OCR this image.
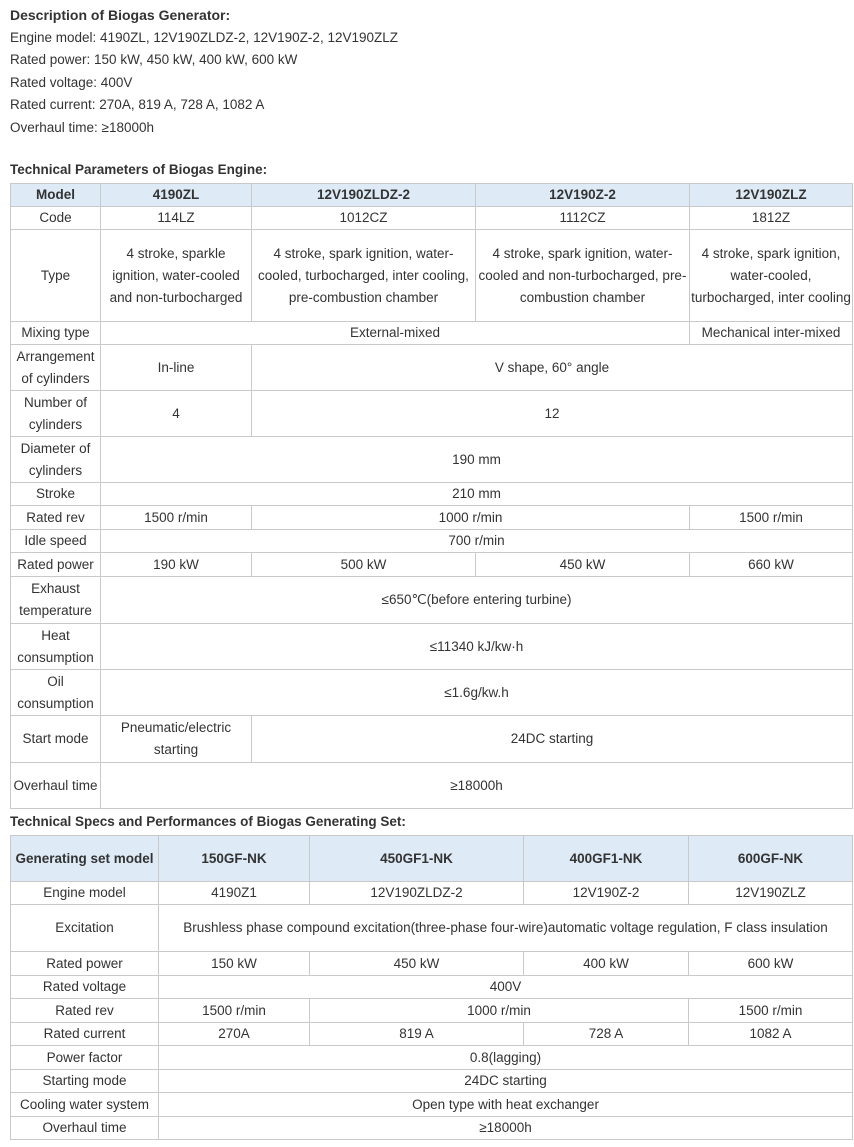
Description of Biogas Generator:
Engine model: 4190ZL, 12V190ZLDZ-2, 12V190Z-2, 12V190ZLZ
Rated power: 150 kW, 450 kW, 400 kW, 600 kW
Rated voltage: 400V
Rated current: 270A, 819 A, 728 A, 1082 A
Overhaul time: ≥18000h
Technical Parameters of Biogas Engine:
Model	4190ZL	12V190ZLDZ-2	12V190Z-2	12V190ZLZ
Code	114LZ	1012CZ	1112CZ	1812Z
Type	4 stroke, sparkle ignition, water-cooled and non-turbocharged	4 stroke, spark ignition, water-cooled, turbocharged, inter cooling, pre-combustion chamber	4 stroke, spark ignition, water-cooled and non-turbocharged, pre-combustion chamber	4 stroke, spark ignition, water-cooled, turbocharged, inter cooling
Mixing type	External-mixed			Mechanical inter-mixed
Arrangement of cylinders	In-line	V shape, 60° angle		
Number of cylinders	4	12		
Diameter of cylinders	190 mm			
Stroke	210 mm			
Rated rev	1500 r/min	1000 r/min		1500 r/min
Idle speed	700 r/min			
Rated power	190 kW	500 kW	450 kW	660 kW
Exhaust temperature	≤650℃(before entering turbine)			
Heat consumption	≤11340 kJ/kw·h			
Oil consumption	≤1.6g/kw.h			
Start mode	Pneumatic/electric starting	24DC starting		
Overhaul time	≥18000h			
Technical Specs and Performances of Biogas Generating Set:
Generating set model	150GF-NK	450GF1-NK	400GF1-NK	600GF-NK
Engine model	4190Z1	12V190ZLDZ-2	12V190Z-2	12V190ZLZ
Excitation	Brushless phase compound excitation(three-phase four-wire)automatic voltage regulation, F class insulation			
Rated power	150 kW	450 kW	400 kW	600 kW
Rated voltage	400V			
Rated rev	1500 r/min	1000 r/min		1500 r/min
Rated current	270A	819 A	728 A	1082 A
Power factor	0.8(lagging)			
Starting mode	24DC starting			
Cooling water system	Open type with heat exchanger			
Overhaul time	≥18000h			
